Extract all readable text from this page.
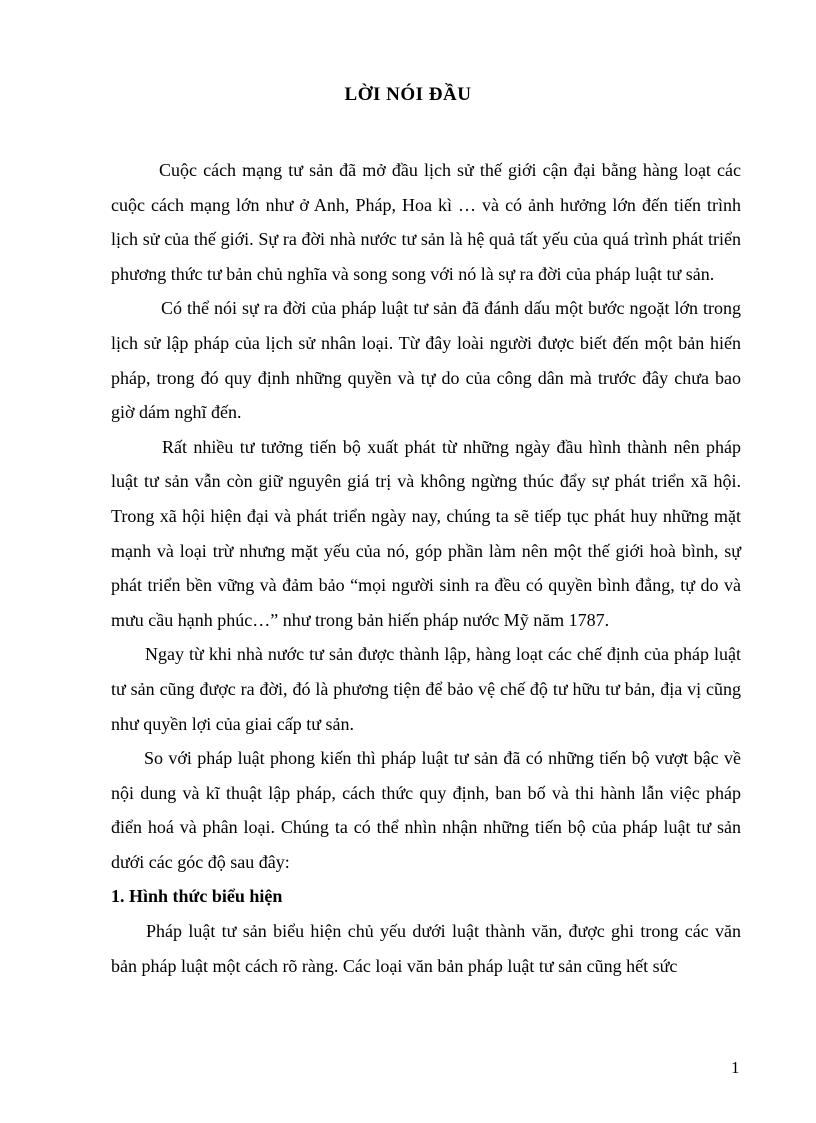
LỜI NÓI ĐẦU

Cuộc cách mạng tư sản đã mở đầu lịch sử thế giới cận đại bằng hàng loạt các cuộc cách mạng lớn như ở Anh, Pháp, Hoa kì … và có ảnh hưởng lớn đến tiến trình lịch sử của thế giới. Sự ra đời nhà nước tư sản là hệ quả tất yếu của quá trình phát triển phương thức tư bản chủ nghĩa và song song với nó là sự ra đời của pháp luật tư sản.

Có thể nói sự ra đời của pháp luật tư sản đã đánh dấu một bước ngoặt lớn trong lịch sử lập pháp của lịch sử nhân loại. Từ đây loài người được biết đến một bản hiến pháp, trong đó quy định những quyền và tự do của công dân mà trước đây chưa bao giờ dám nghĩ đến.

Rất nhiều tư tưởng tiến bộ xuất phát từ những ngày đầu hình thành nên pháp luật tư sản vẫn còn giữ nguyên giá trị và không ngừng thúc đẩy sự phát triển xã hội. Trong xã hội hiện đại và phát triển ngày nay, chúng ta sẽ tiếp tục phát huy những mặt mạnh và loại trừ nhưng mặt yếu của nó, góp phần làm nên một thế giới hoà bình, sự phát triển bền vững và đảm bảo “mọi người sinh ra đều có quyền bình đẳng, tự do và mưu cầu hạnh phúc…” như trong bản hiến pháp nước Mỹ năm 1787.

Ngay từ khi nhà nước tư sản được thành lập, hàng loạt các chế định của pháp luật tư sản cũng được ra đời, đó là phương tiện để bảo vệ chế độ tư hữu tư bản, địa vị cũng như quyền lợi của giai cấp tư sản.

So với pháp luật phong kiến thì pháp luật tư sản đã có những tiến bộ vượt bậc về nội dung và kĩ thuật lập pháp, cách thức quy định, ban bố và thi hành lẫn việc pháp điển hoá và phân loại. Chúng ta có thể nhìn nhận những tiến bộ của pháp luật tư sản dưới các góc độ sau đây:

1. Hình thức biểu hiện

Pháp luật tư sản biểu hiện chủ yếu dưới luật thành văn, được ghi trong các văn bản pháp luật một cách rõ ràng. Các loại văn bản pháp luật tư sản cũng hết sức

1
